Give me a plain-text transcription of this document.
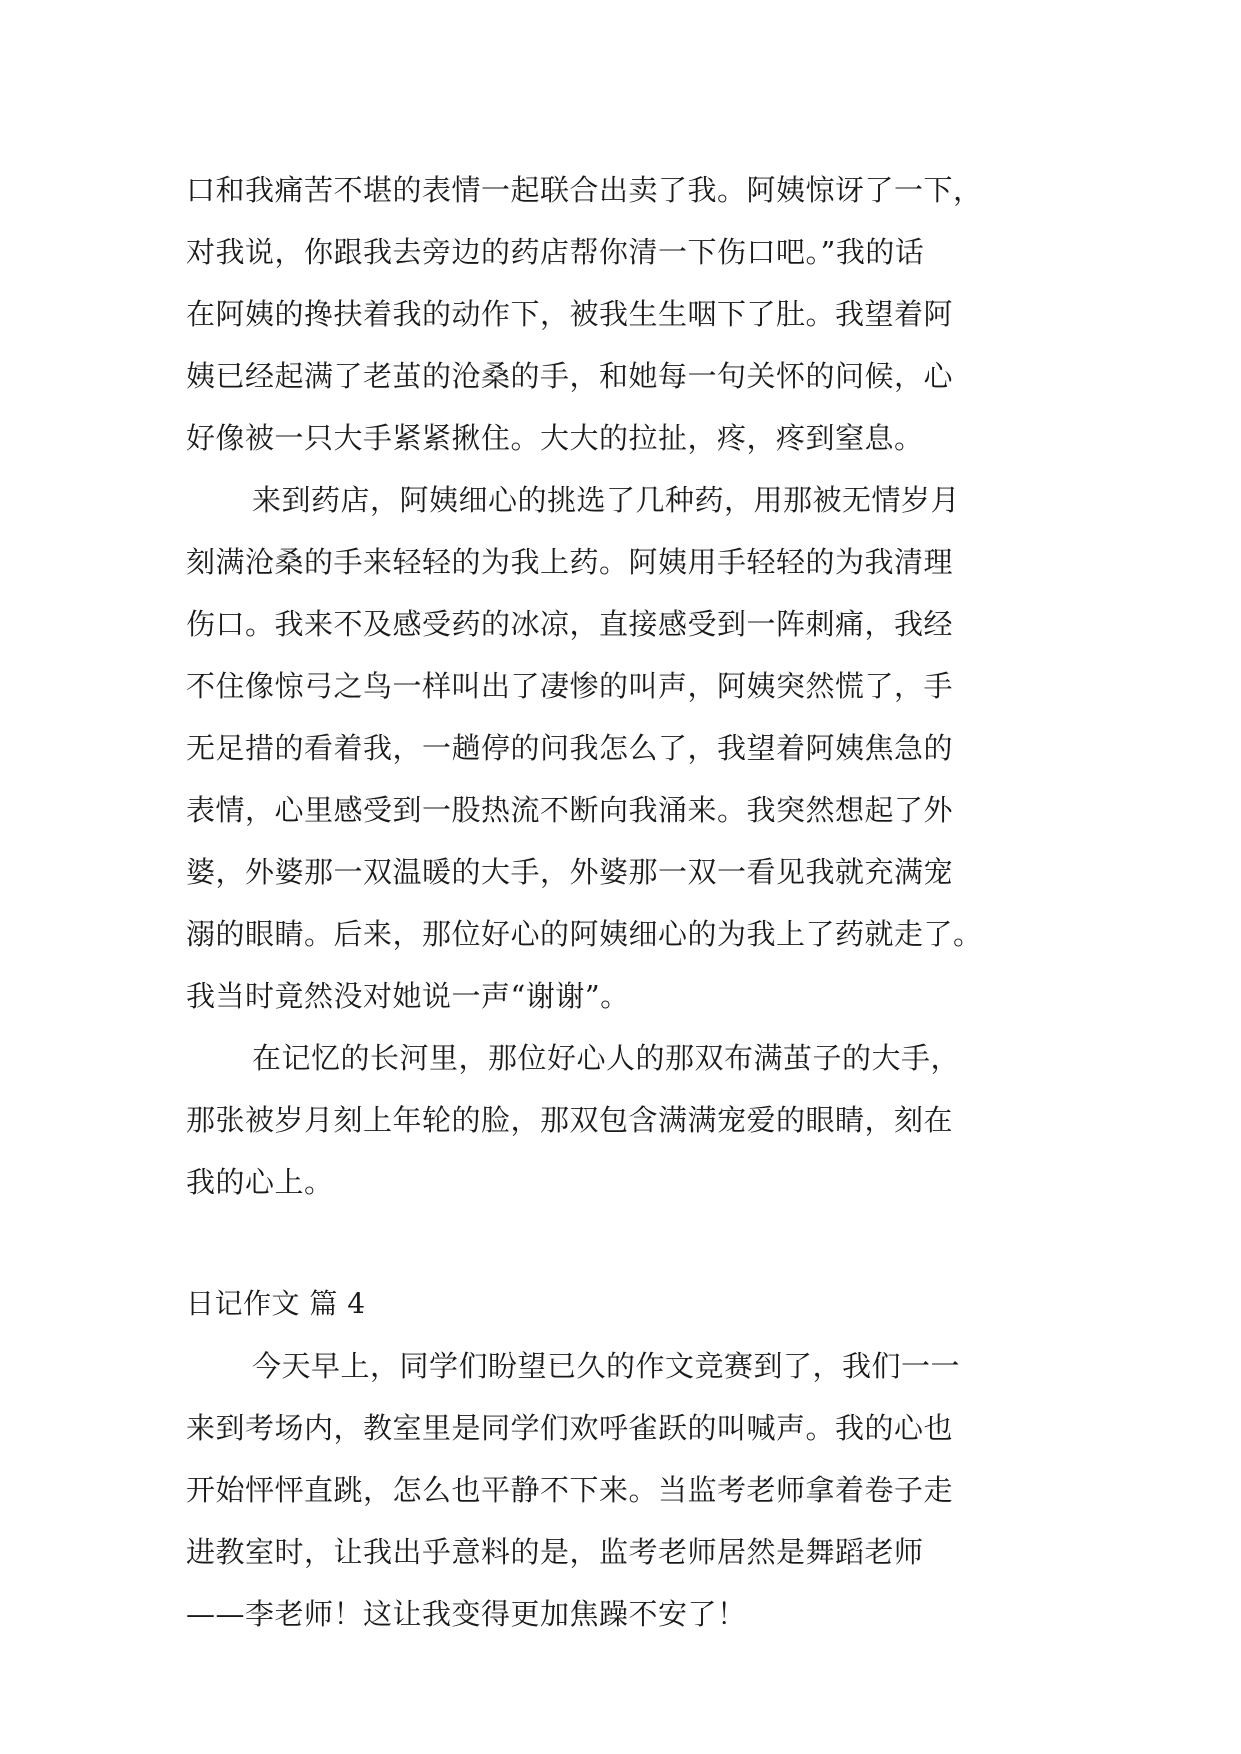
口和我痛苦不堪的表情一起联合出卖了我。阿姨惊讶了一下，
对我说，你跟我去旁边的药店帮你清一下伤口吧。”我的话
在阿姨的搀扶着我的动作下，被我生生咽下了肚。我望着阿
姨已经起满了老茧的沧桑的手，和她每一句关怀的问候，心
好像被一只大手紧紧揪住。大大的拉扯，疼，疼到窒息。
来到药店，阿姨细心的挑选了几种药，用那被无情岁月
刻满沧桑的手来轻轻的为我上药。阿姨用手轻轻的为我清理
伤口。我来不及感受药的冰凉，直接感受到一阵刺痛，我经
不住像惊弓之鸟一样叫出了凄惨的叫声，阿姨突然慌了，手
无足措的看着我，一趟停的问我怎么了，我望着阿姨焦急的
表情，心里感受到一股热流不断向我涌来。我突然想起了外
婆，外婆那一双温暖的大手，外婆那一双一看见我就充满宠
溺的眼睛。后来，那位好心的阿姨细心的为我上了药就走了。
我当时竟然没对她说一声“谢谢”。
在记忆的长河里，那位好心人的那双布满茧子的大手，
那张被岁月刻上年轮的脸，那双包含满满宠爱的眼睛，刻在
我的心上。
日记作文 篇 4
今天早上，同学们盼望已久的作文竞赛到了，我们一一
来到考场内，教室里是同学们欢呼雀跃的叫喊声。我的心也
开始怦怦直跳，怎么也平静不下来。当监考老师拿着卷子走
进教室时，让我出乎意料的是，监考老师居然是舞蹈老师
——李老师！这让我变得更加焦躁不安了！
